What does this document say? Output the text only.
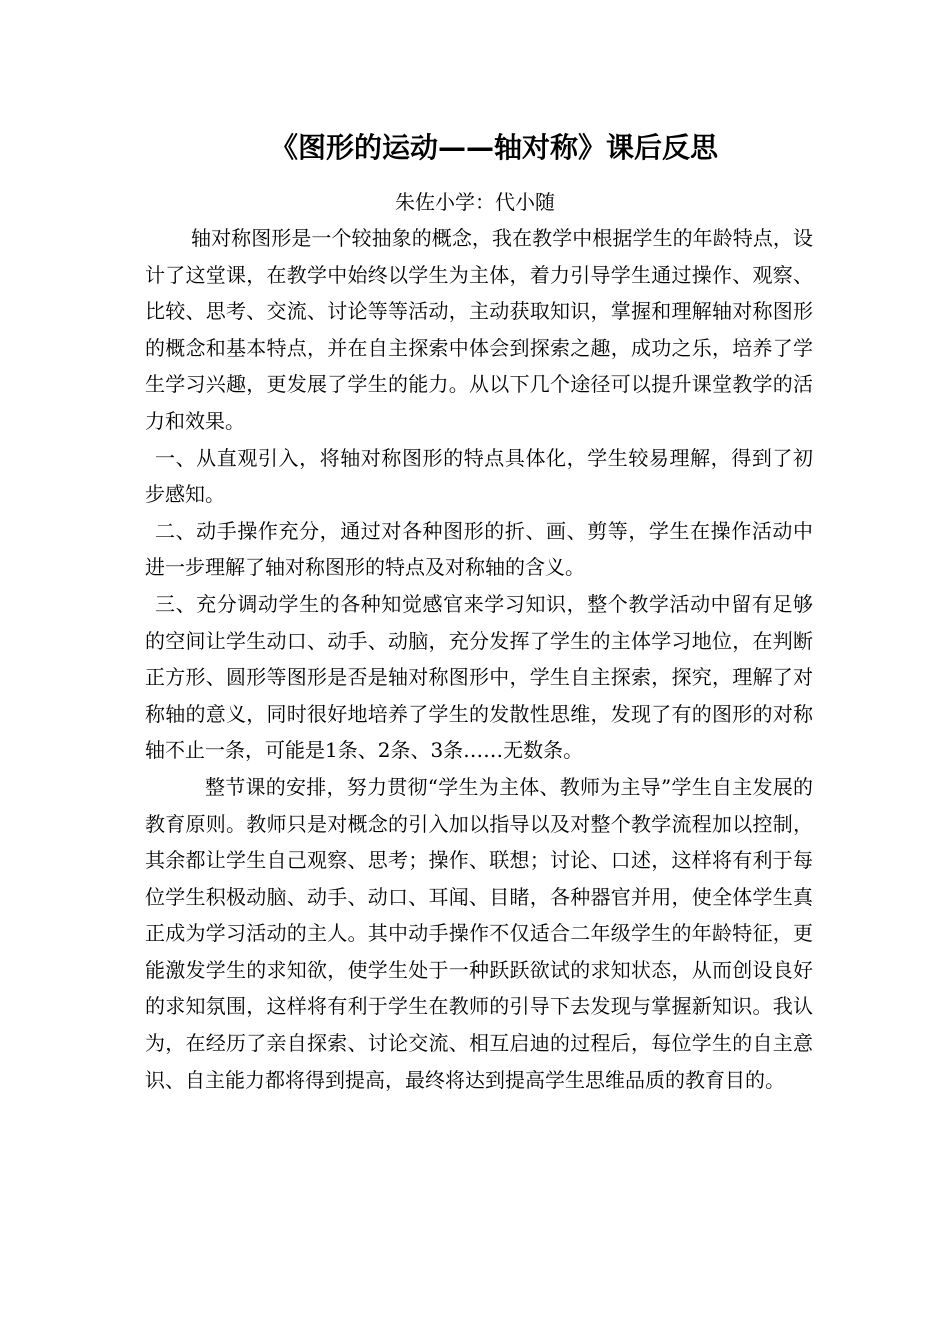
《图形的运动——轴对称》课后反思
朱佐小学：代小随

轴对称图形是一个较抽象的概念，我在教学中根据学生的年龄特点，设计了这堂课，在教学中始终以学生为主体，着力引导学生通过操作、观察、比较、思考、交流、讨论等等活动，主动获取知识，掌握和理解轴对称图形的概念和基本特点，并在自主探索中体会到探索之趣，成功之乐，培养了学生学习兴趣，更发展了学生的能力。从以下几个途径可以提升课堂教学的活力和效果。

一、从直观引入，将轴对称图形的特点具体化，学生较易理解，得到了初步感知。

二、动手操作充分，通过对各种图形的折、画、剪等，学生在操作活动中进一步理解了轴对称图形的特点及对称轴的含义。

三、充分调动学生的各种知觉感官来学习知识，整个教学活动中留有足够的空间让学生动口、动手、动脑，充分发挥了学生的主体学习地位，在判断正方形、圆形等图形是否是轴对称图形中，学生自主探索，探究，理解了对称轴的意义，同时很好地培养了学生的发散性思维，发现了有的图形的对称轴不止一条，可能是1条、2条、3条……无数条。

整节课的安排，努力贯彻“学生为主体、教师为主导”学生自主发展的教育原则。教师只是对概念的引入加以指导以及对整个教学流程加以控制，其余都让学生自己观察、思考；操作、联想；讨论、口述，这样将有利于每位学生积极动脑、动手、动口、耳闻、目睹，各种器官并用，使全体学生真正成为学习活动的主人。其中动手操作不仅适合二年级学生的年龄特征，更能激发学生的求知欲，使学生处于一种跃跃欲试的求知状态，从而创设良好的求知氛围，这样将有利于学生在教师的引导下去发现与掌握新知识。我认为，在经历了亲自探索、讨论交流、相互启迪的过程后，每位学生的自主意识、自主能力都将得到提高，最终将达到提高学生思维品质的教育目的。
